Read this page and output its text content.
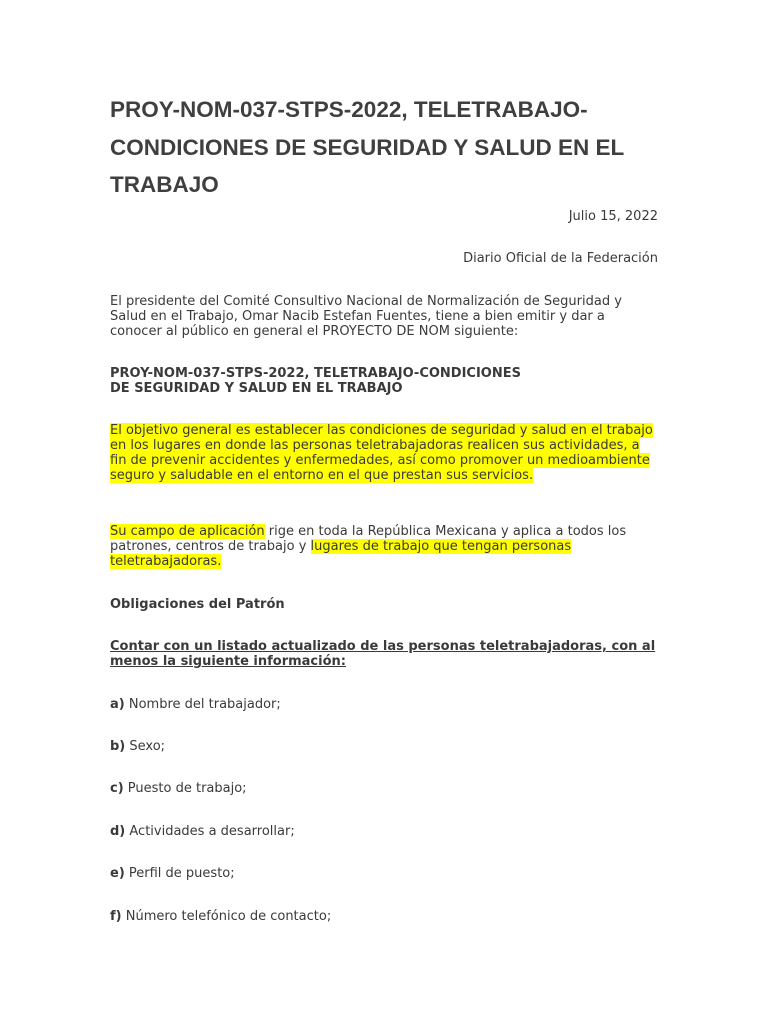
PROY-NOM-037-STPS-2022, TELETRABAJO-CONDICIONES DE SEGURIDAD Y SALUD EN EL TRABAJO
Julio 15, 2022
Diario Oficial de la Federación

El presidente del Comité Consultivo Nacional de Normalización de Seguridad y Salud en el Trabajo, Omar Nacib Estefan Fuentes, tiene a bien emitir y dar a conocer al público en general el PROYECTO DE NOM siguiente:

PROY-NOM-037-STPS-2022, TELETRABAJO-CONDICIONES
DE SEGURIDAD Y SALUD EN EL TRABAJO

El objetivo general es establecer las condiciones de seguridad y salud en el trabajo en los lugares en donde las personas teletrabajadoras realicen sus actividades, a fin de prevenir accidentes y enfermedades, así como promover un medioambiente seguro y saludable en el entorno en el que prestan sus servicios.

Su campo de aplicación rige en toda la República Mexicana y aplica a todos los patrones, centros de trabajo y lugares de trabajo que tengan personas teletrabajadoras.

Obligaciones del Patrón

Contar con un listado actualizado de las personas teletrabajadoras, con al menos la siguiente información:

a) Nombre del trabajador;
b) Sexo;
c) Puesto de trabajo;
d) Actividades a desarrollar;
e) Perfil de puesto;
f) Número telefónico de contacto;
